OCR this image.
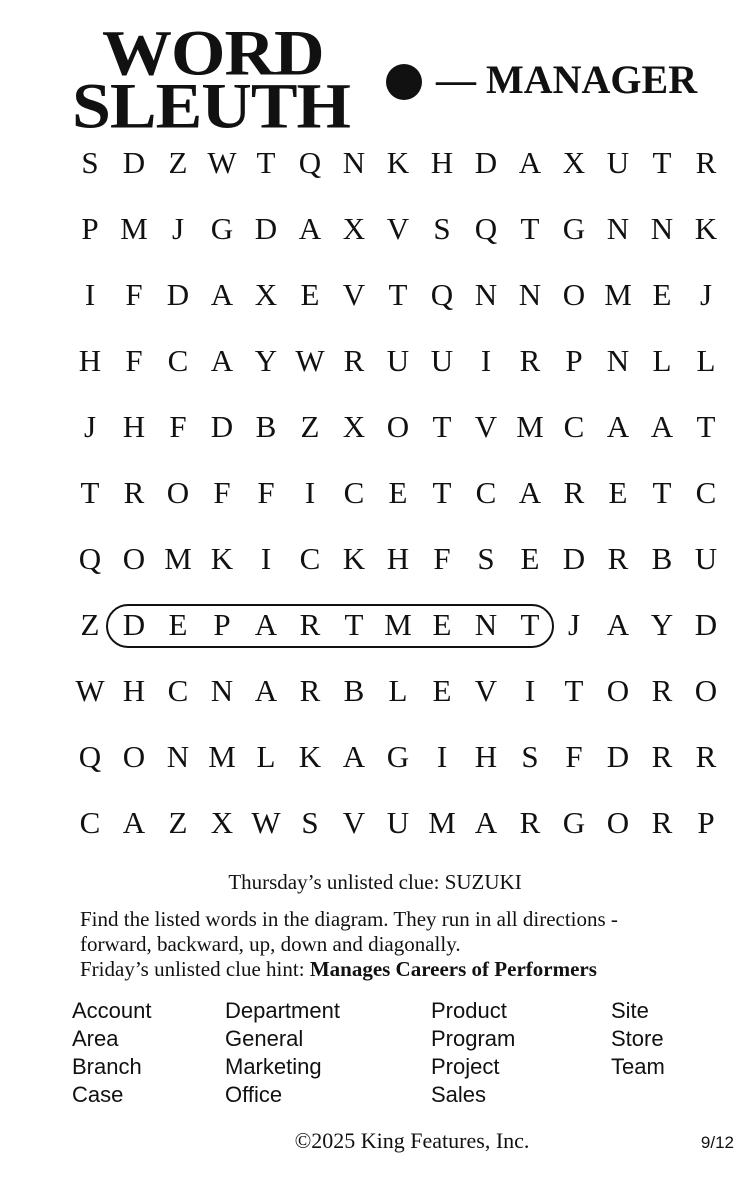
WORD
SLEUTH — MANAGER
S D Z W T Q N K H D A X U T R
P M J G D A X V S Q T G N N K
I F D A X E V T Q N N O M E J
H F C A Y W R U U I R P N L L
J H F D B Z X O T V M C A A T
T R O F F I C E T C A R E T C
Q O M K I C K H F S E D R B U
Z D E P A R T M E N T J A Y D
W H C N A R B L E V I T O R O
Q O N M L K A G I H S F D R R
C A Z X W S V U M A R G O R P
Thursday’s unlisted clue: SUZUKI
Find the listed words in the diagram. They run in all directions -
forward, backward, up, down and diagonally.
Friday’s unlisted clue hint: Manages Careers of Performers
Account
Area
Branch
Case
Department
General
Marketing
Office
Product
Program
Project
Sales
Site
Store
Team
©2025 King Features, Inc.	9/12
